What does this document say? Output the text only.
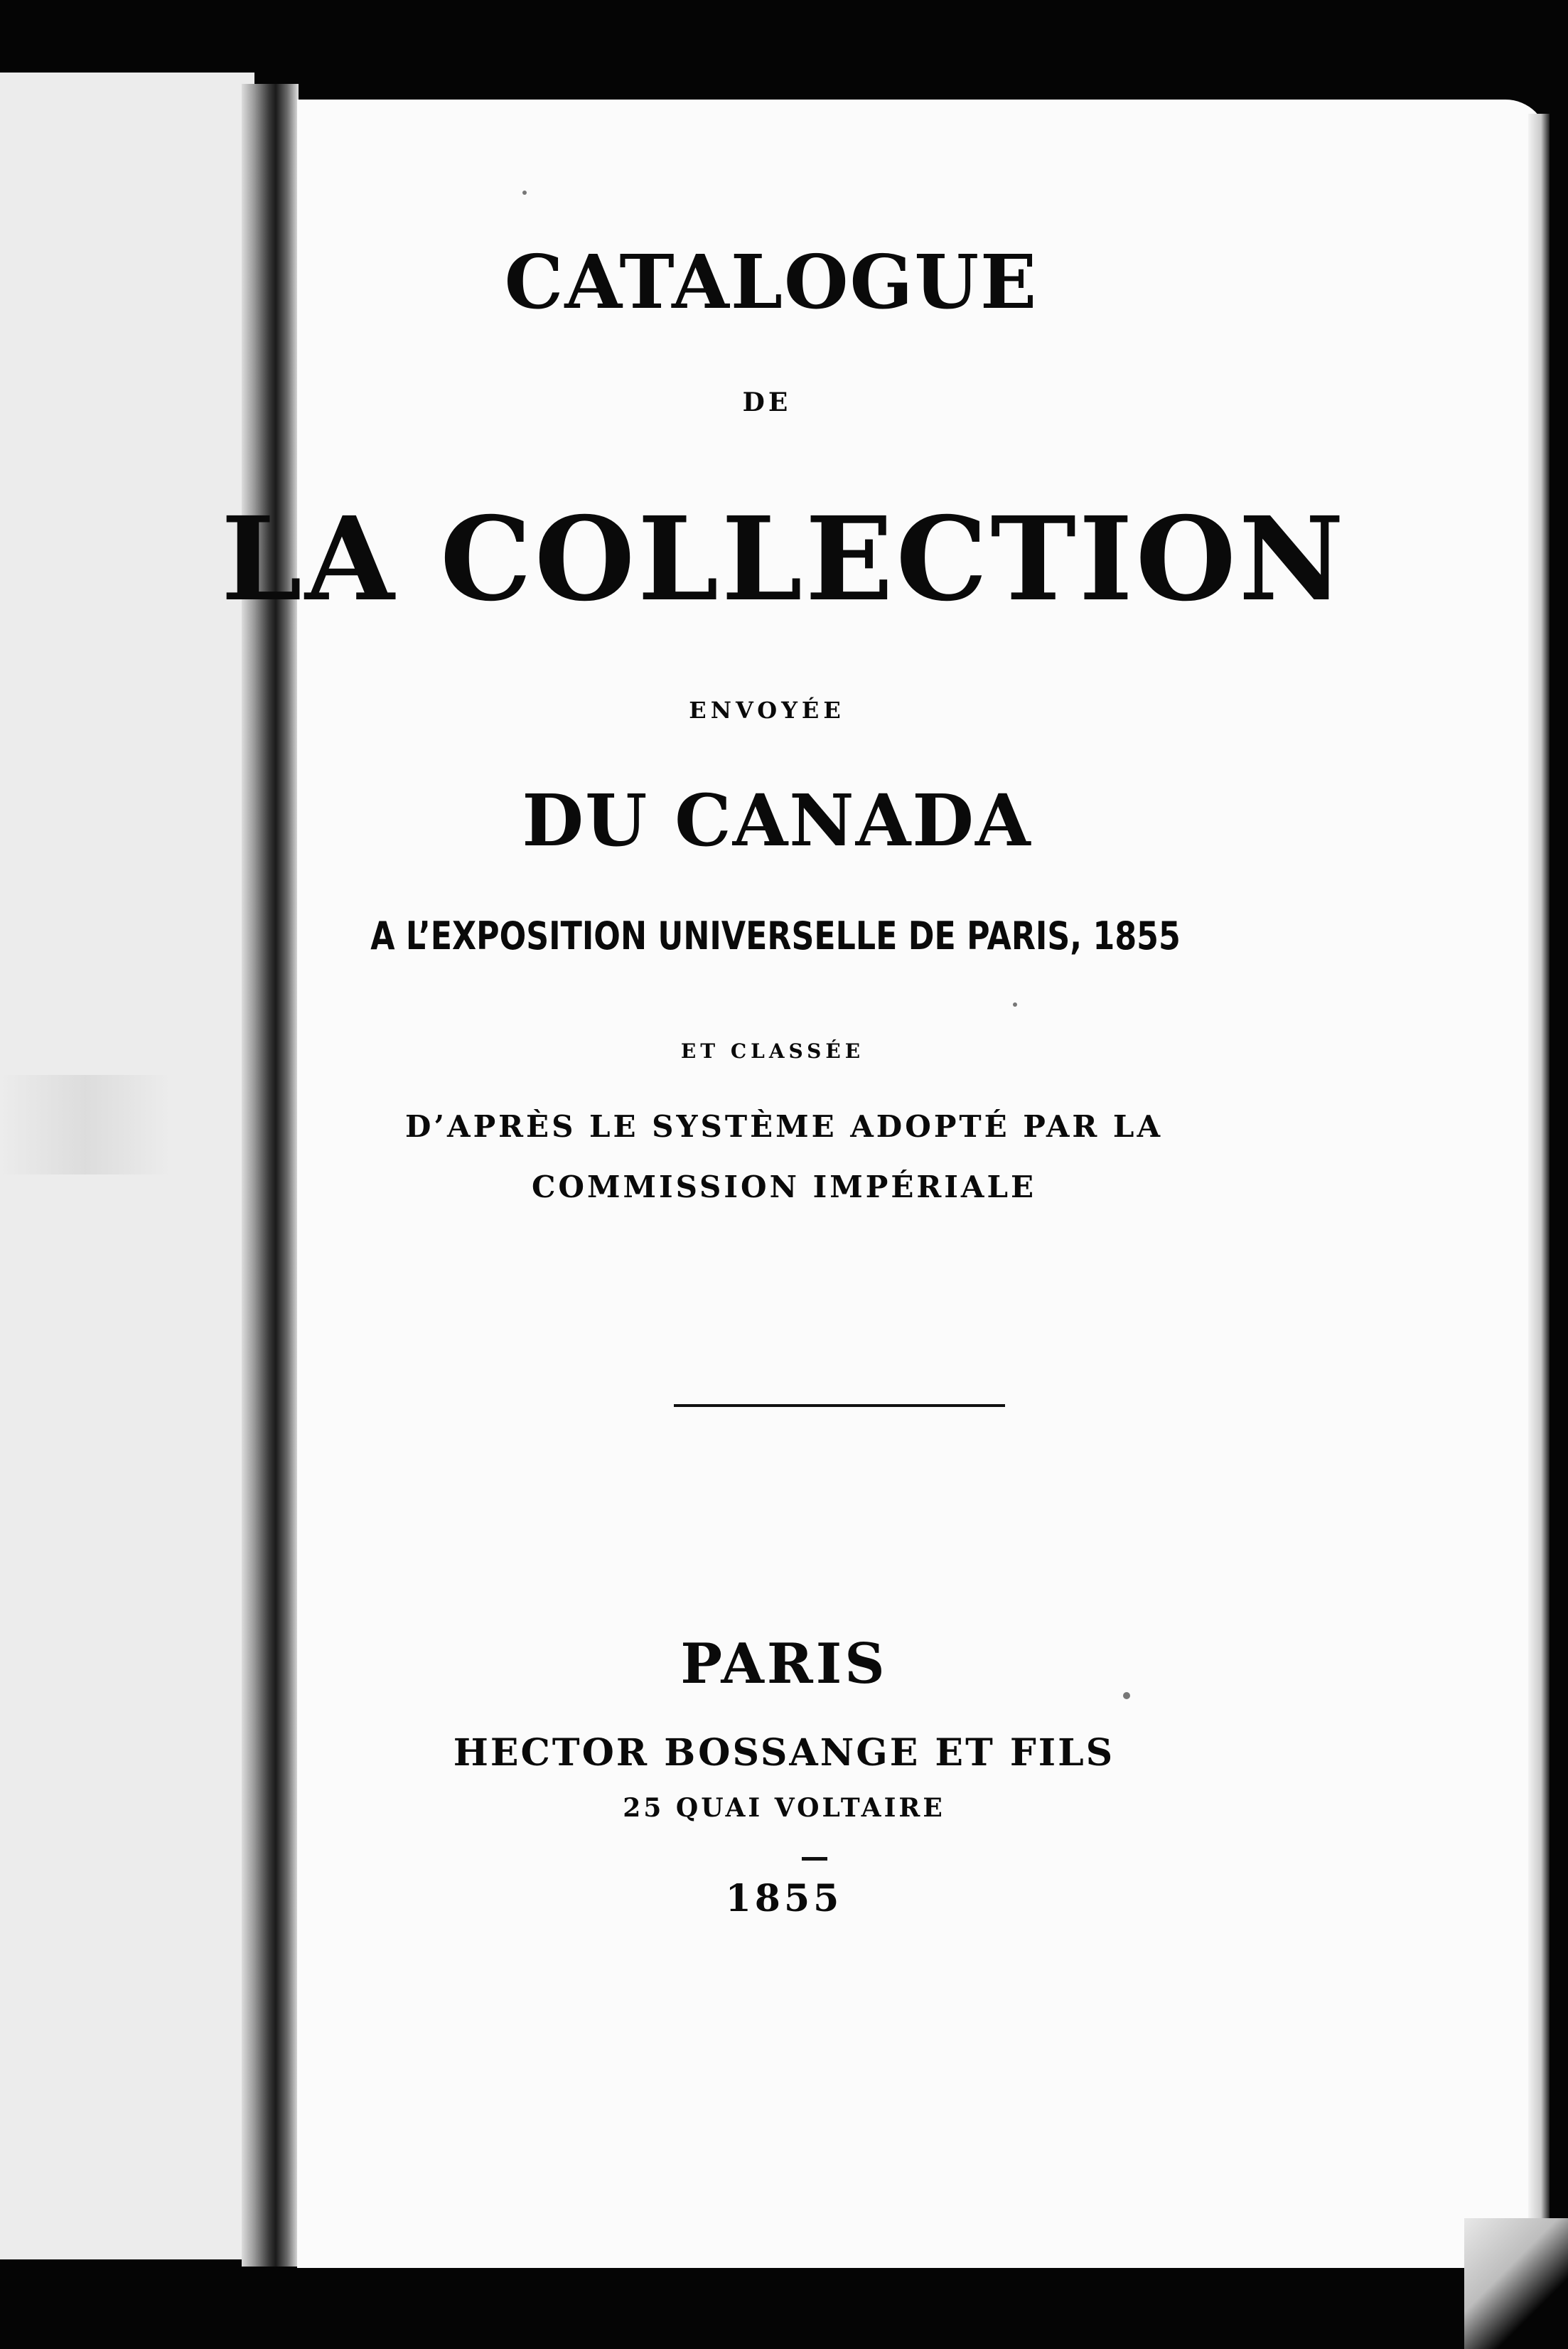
CATALOGUE

DE

LA COLLECTION

ENVOYÉE

DU CANADA

A L’EXPOSITION UNIVERSELLE DE PARIS, 1855

ET CLASSÉE

D’APRÈS LE SYSTÈME ADOPTÉ PAR LA

COMMISSION IMPÉRIALE

PARIS

HECTOR BOSSANGE ET FILS

25 QUAI VOLTAIRE

1855
